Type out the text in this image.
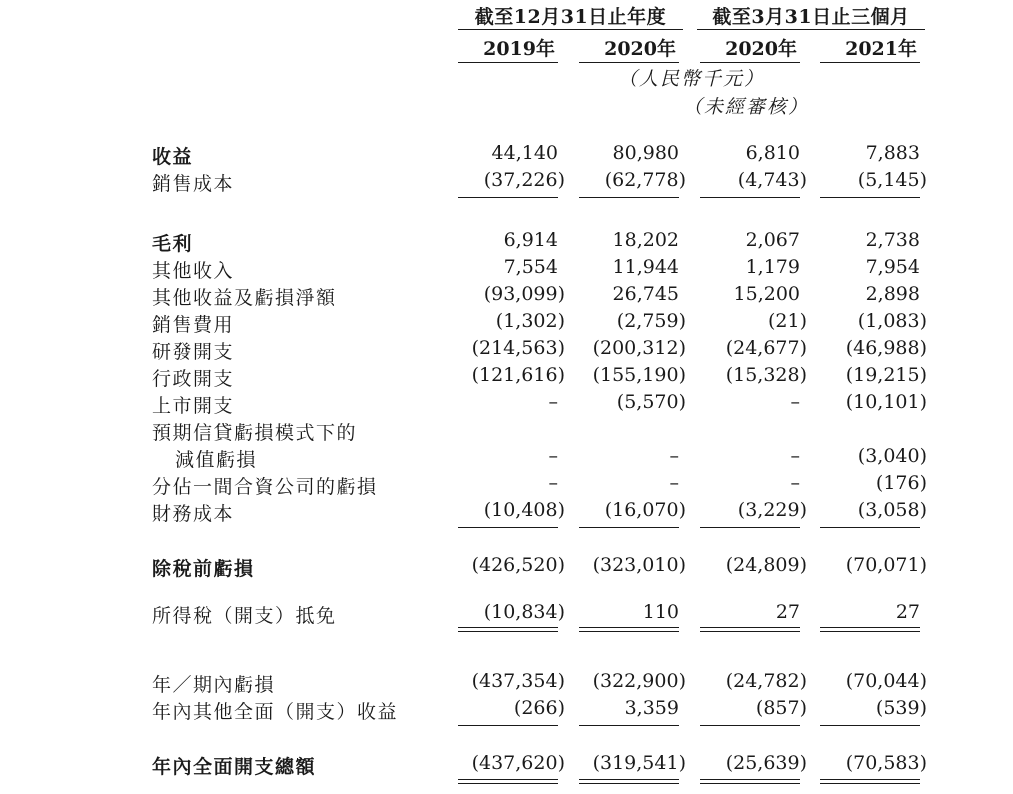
截至12月31日止年度	截至3月31日止三個月
2019年	2020年	2020年	2021年
（人民幣千元）
（未經審核）
收益	44,140	80,980	6,810	7,883
銷售成本	(37,226)	(62,778)	(4,743)	(5,145)
毛利	6,914	18,202	2,067	2,738
其他收入	7,554	11,944	1,179	7,954
其他收益及虧損淨額	(93,099)	26,745	15,200	2,898
銷售費用	(1,302)	(2,759)	(21)	(1,083)
研發開支	(214,563)	(200,312)	(24,677)	(46,988)
行政開支	(121,616)	(155,190)	(15,328)	(19,215)
上市開支	–	(5,570)	–	(10,101)
預期信貸虧損模式下的
減值虧損	–	–	–	(3,040)
分佔一間合資公司的虧損	–	–	–	(176)
財務成本	(10,408)	(16,070)	(3,229)	(3,058)
除稅前虧損	(426,520)	(323,010)	(24,809)	(70,071)
所得稅（開支）抵免	(10,834)	110	27	27
年／期內虧損	(437,354)	(322,900)	(24,782)	(70,044)
年內其他全面（開支）收益	(266)	3,359	(857)	(539)
年內全面開支總額	(437,620)	(319,541)	(25,639)	(70,583)
